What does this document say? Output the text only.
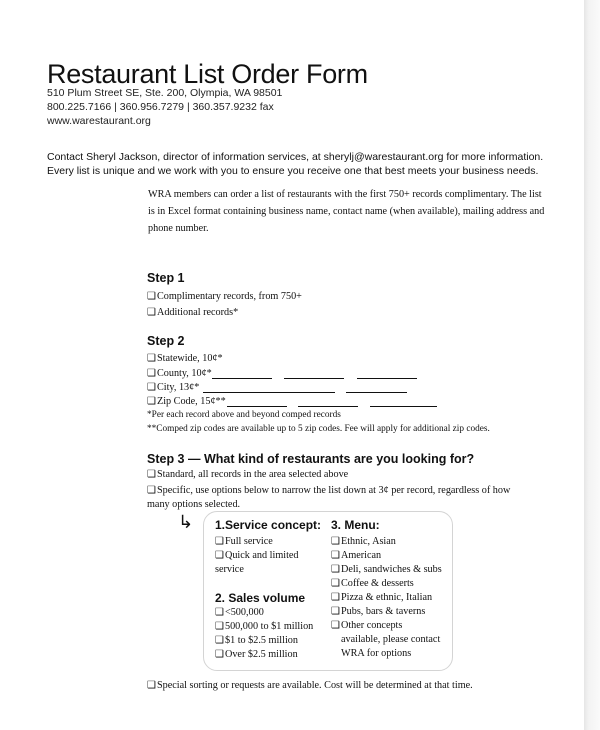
Restaurant List Order Form
510 Plum Street SE, Ste. 200, Olympia, WA 98501
800.225.7166 | 360.956.7279 | 360.357.9232 fax
www.warestaurant.org
Contact Sheryl Jackson, director of information services, at sherylj@warestaurant.org for more information.
Every list is unique and we work with you to ensure you receive one that best meets your business needs.
WRA members can order a list of restaurants with the first 750+ records complimentary. The list
is in Excel format containing business name, contact name (when available), mailing address and
phone number.
Step 1
❑Complimentary records, from 750+
❑Additional records*
Step 2
❑Statewide, 10¢*
❑County, 10¢*
❑City, 13¢*
❑Zip Code, 15¢**
*Per each record above and beyond comped records
**Comped zip codes are available up to 5 zip codes. Fee will apply for additional zip codes.
Step 3 — What kind of restaurants are you looking for?
❑Standard, all records in the area selected above
❑Specific, use options below to narrow the list down at 3¢ per record, regardless of how
many options selected.
↳ 1.Service concept:
❑Full service
❑Quick and limited
service
2. Sales volume
❑<500,000
❑500,000 to $1 million
❑$1 to $2.5 million
❑Over $2.5 million
3. Menu:
❑Ethnic, Asian
❑American
❑Deli, sandwiches & subs
❑Coffee & desserts
❑Pizza & ethnic, Italian
❑Pubs, bars & taverns
❑Other concepts
available, please contact
WRA for options
❑Special sorting or requests are available. Cost will be determined at that time.
